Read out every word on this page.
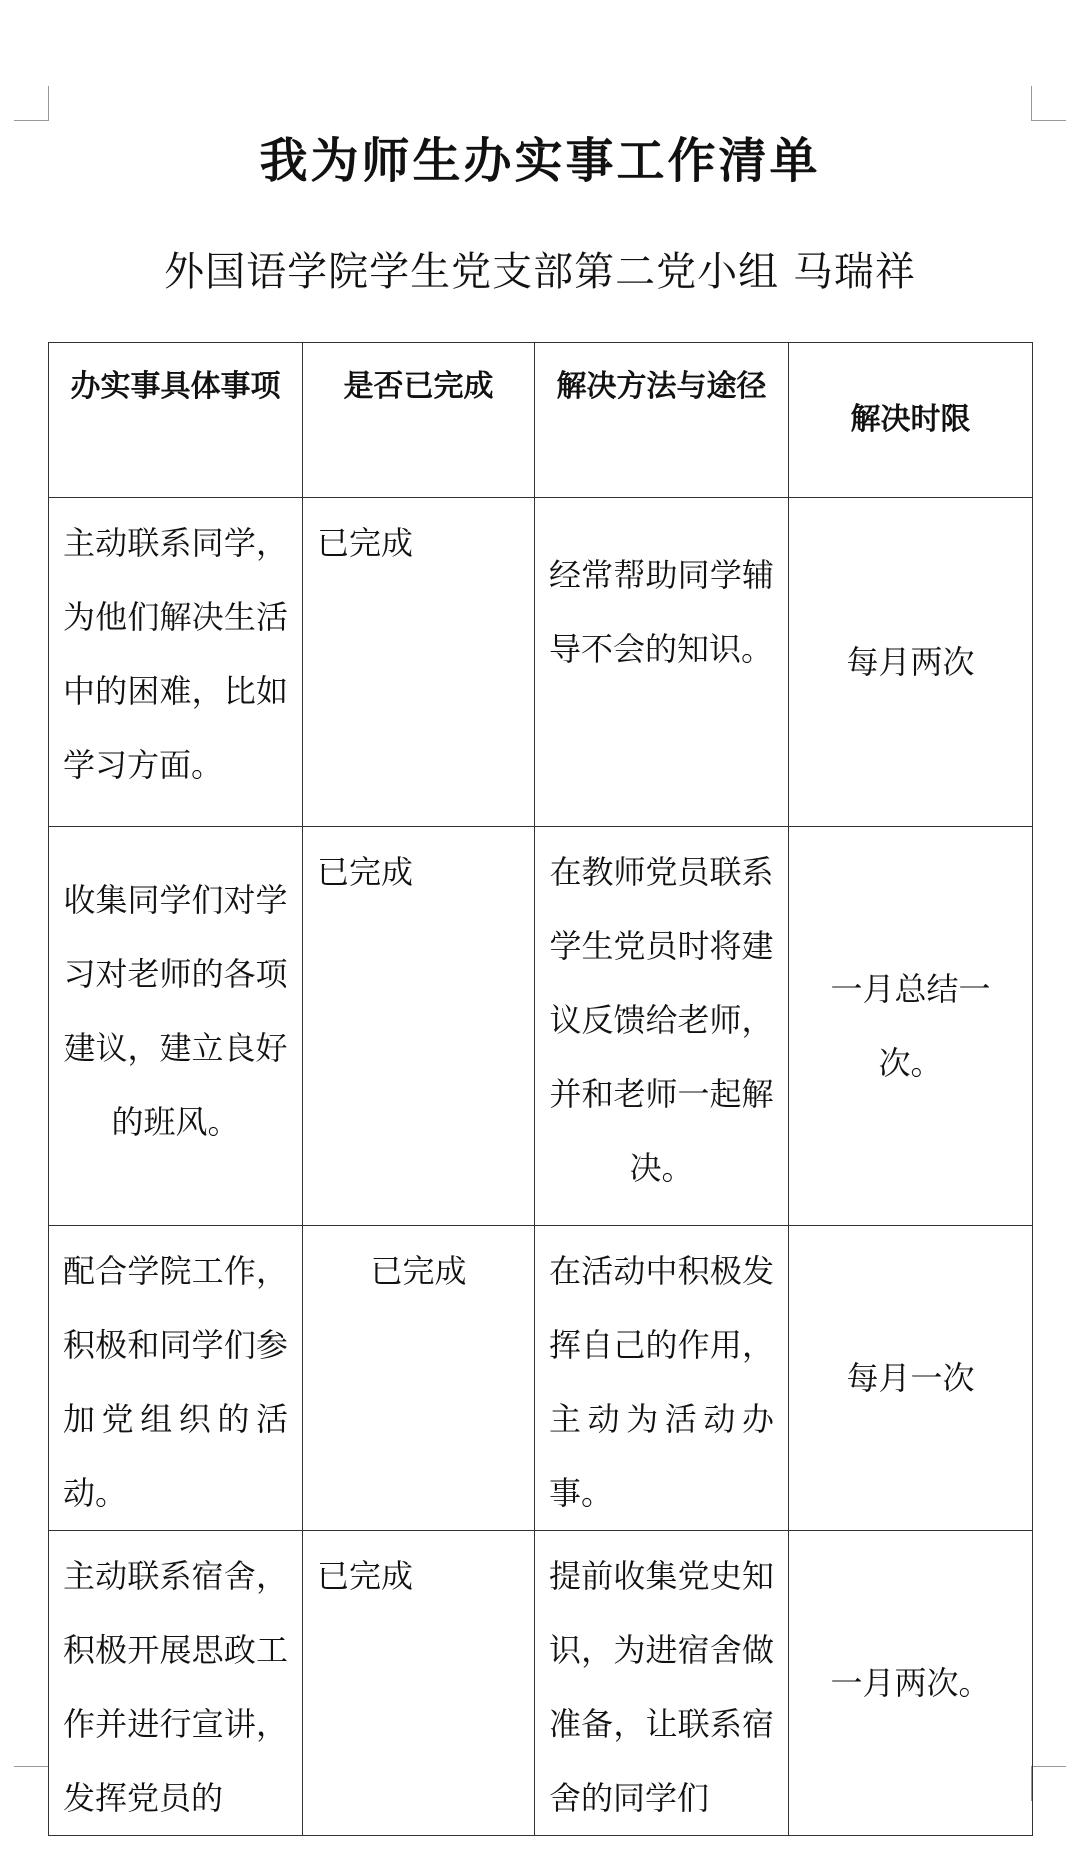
我为师生办实事工作清单
外国语学院学生党支部第二党小组 马瑞祥
办实事具体事项	是否已完成	解决方法与途径	解决时限
主动联系同学，为他们解决生活中的困难，比如学习方面。	已完成	经常帮助同学辅导不会的知识。	每月两次
收集同学们对学习对老师的各项建议，建立良好的班风。	已完成	在教师党员联系学生党员时将建议反馈给老师，并和老师一起解决。	一月总结一次。
配合学院工作，积极和同学们参加党组织的活动。	已完成	在活动中积极发挥自己的作用，主动为活动办事。	每月一次
主动联系宿舍，积极开展思政工作并进行宣讲，发挥党员的	已完成	提前收集党史知识，为进宿舍做准备，让联系宿舍的同学们	一月两次。
